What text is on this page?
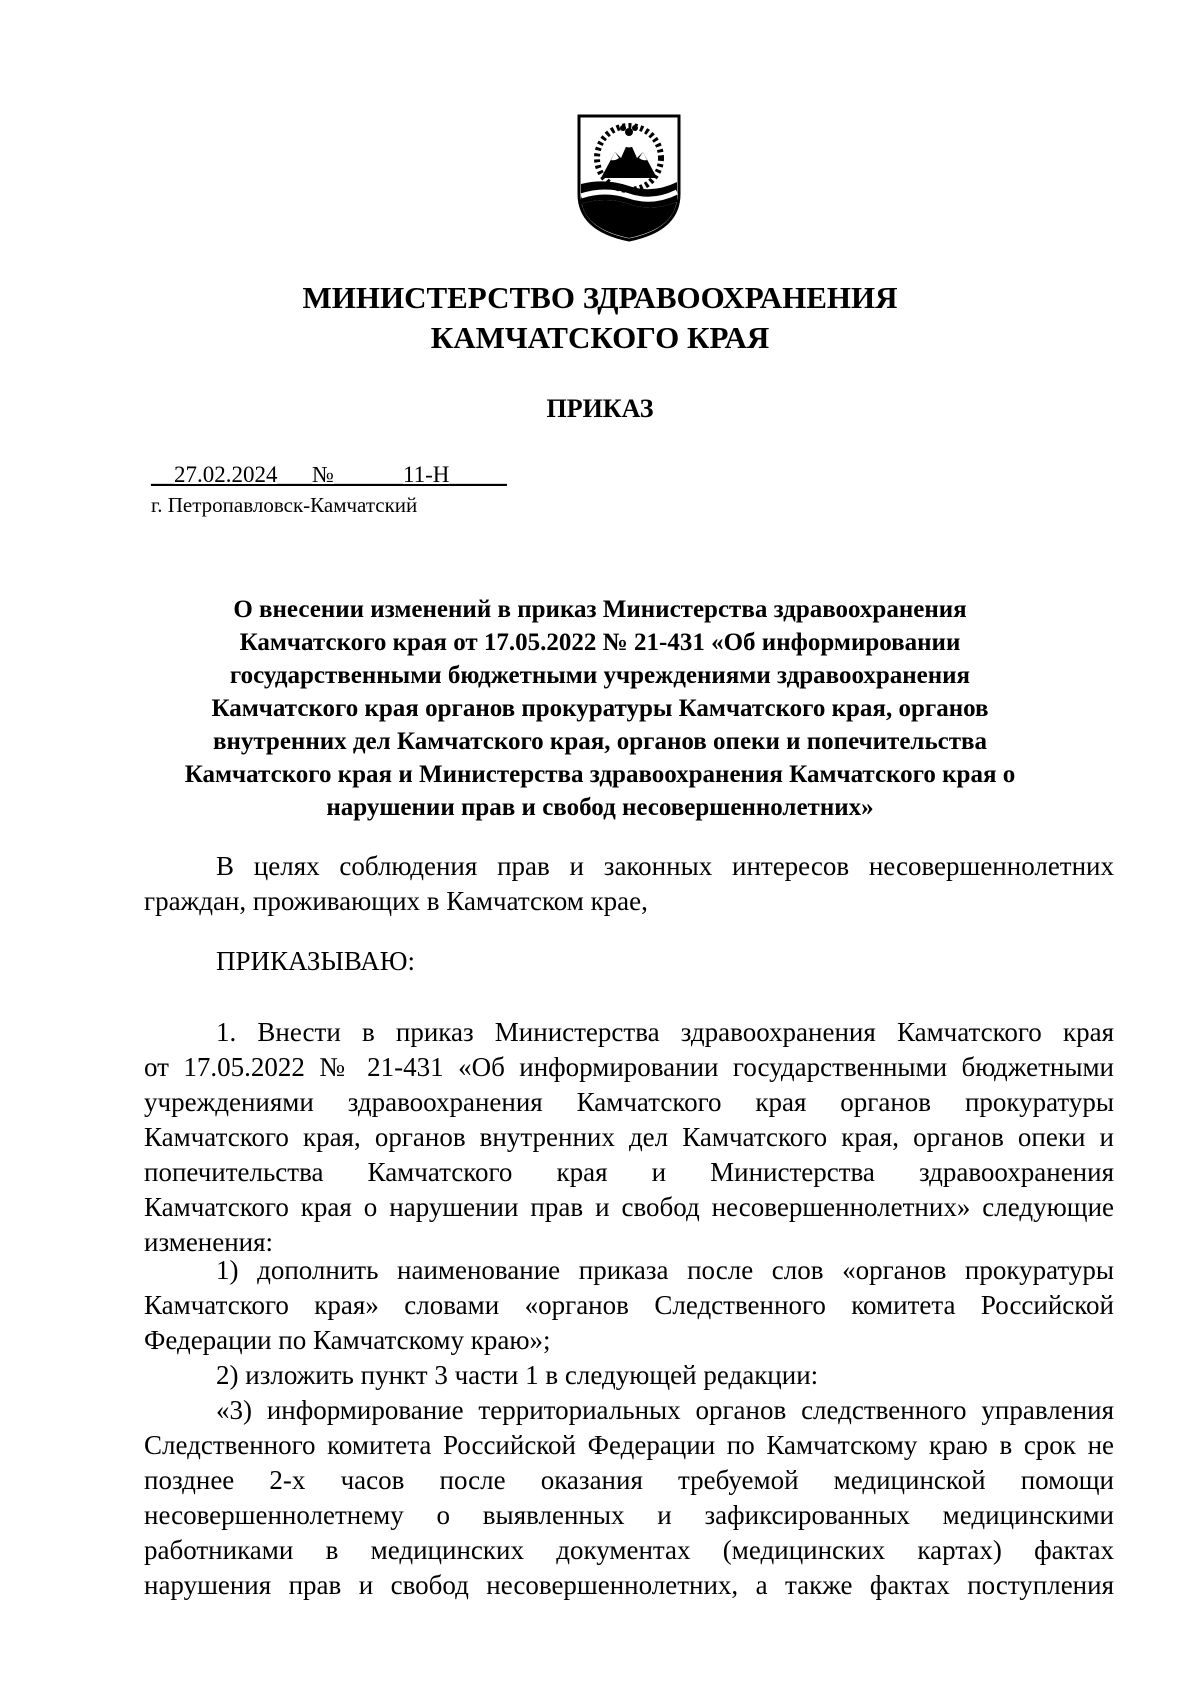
МИНИСТЕРСТВО ЗДРАВООХРАНЕНИЯ
КАМЧАТСКОГО КРАЯ
ПРИКАЗ
__27.02.2024___№______11-Н_____
г. Петропавловск-Камчатский
О внесении изменений в приказ Министерства здравоохранения
Камчатского края от 17.05.2022 № 21-431 «Об информировании
государственными бюджетными учреждениями здравоохранения
Камчатского края органов прокуратуры Камчатского края, органов
внутренних дел Камчатского края, органов опеки и попечительства
Камчатского края и Министерства здравоохранения Камчатского края о
нарушении прав и свобод несовершеннолетних»
В целях соблюдения прав и законных интересов несовершеннолетних граждан, проживающих в Камчатском крае,
ПРИКАЗЫВАЮ:
1. Внести в приказ Министерства здравоохранения Камчатского края
от 17.05.2022 № 21-431 «Об информировании государственными бюджетными
учреждениями здравоохранения Камчатского края органов прокуратуры
Камчатского края, органов внутренних дел Камчатского края, органов опеки и
попечительства Камчатского края и Министерства здравоохранения
Камчатского края о нарушении прав и свобод несовершеннолетних» следующие
изменения:
1) дополнить наименование приказа после слов «органов прокуратуры
Камчатского края» словами «органов Следственного комитета Российской
Федерации по Камчатскому краю»;
2) изложить пункт 3 части 1 в следующей редакции:
«3) информирование территориальных органов следственного управления
Следственного комитета Российской Федерации по Камчатскому краю в срок не
позднее 2-х часов после оказания требуемой медицинской помощи
несовершеннолетнему о выявленных и зафиксированных медицинскими
работниками в медицинских документах (медицинских картах) фактах
нарушения прав и свобод несовершеннолетних, а также фактах поступления
